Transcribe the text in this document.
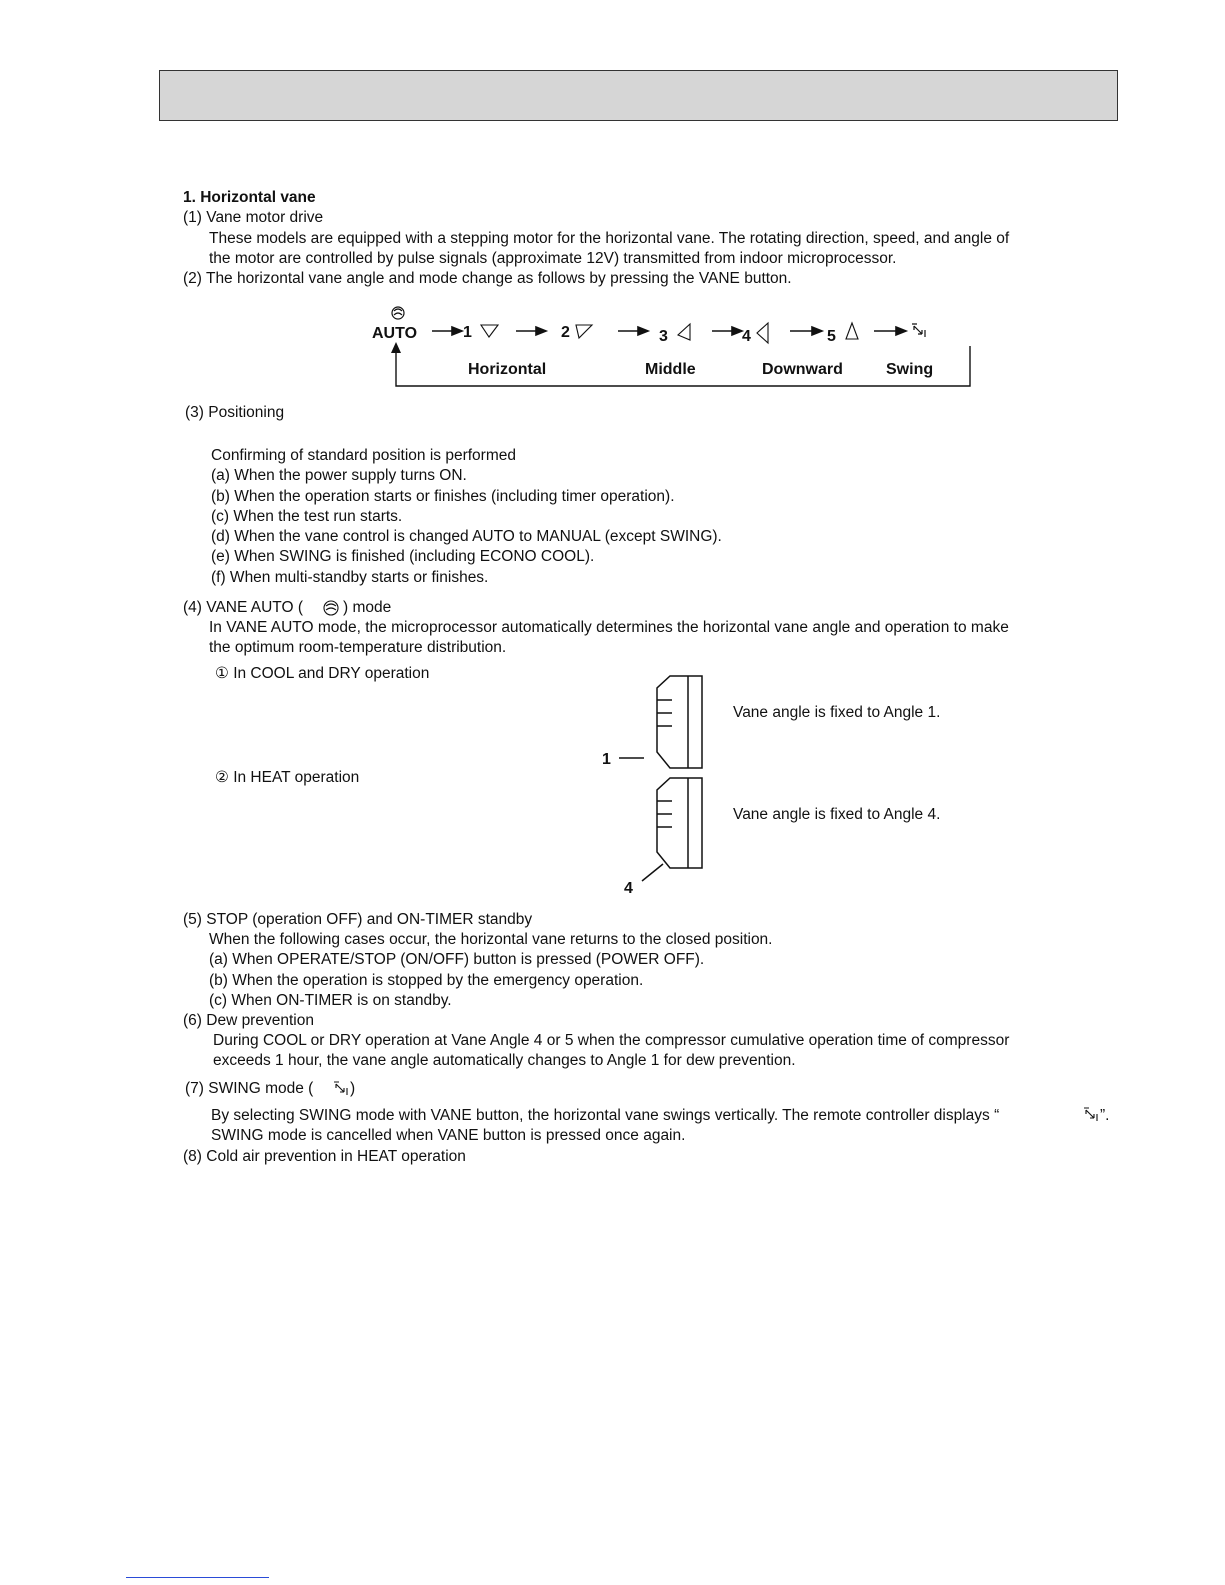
1. Horizontal vane
(1) Vane motor drive
These models are equipped with a stepping motor for the horizontal vane. The rotating direction, speed, and angle of
the motor are controlled by pulse signals (approximate 12V) transmitted from indoor microprocessor.
(2) The horizontal vane angle and mode change as follows by pressing the VANE button.
AUTO	1	2	3	4	5
Horizontal	Middle	Downward	Swing
1
4
(3) Positioning
Confirming of standard position is performed
(a) When the power supply turns ON.
(b) When the operation starts or finishes (including timer operation).
(c) When the test run starts.
(d) When the vane control is changed AUTO to MANUAL (except SWING).
(e) When SWING is finished (including ECONO COOL).
(f) When multi-standby starts or finishes.
(4) VANE AUTO (	) mode
In VANE AUTO mode, the microprocessor automatically determines the horizontal vane angle and operation to make
the optimum room-temperature distribution.
① In COOL and DRY operation
Vane angle is fixed to Angle 1.
② In HEAT operation
Vane angle is fixed to Angle 4.
(5) STOP (operation OFF) and ON-TIMER standby
When the following cases occur, the horizontal vane returns to the closed position.
(a) When OPERATE/STOP (ON/OFF) button is pressed (POWER OFF).
(b) When the operation is stopped by the emergency operation.
(c) When ON-TIMER is on standby.
(6) Dew prevention
During COOL or DRY operation at Vane Angle 4 or 5 when the compressor cumulative operation time of compressor
exceeds 1 hour, the vane angle automatically changes to Angle 1 for dew prevention.
(7) SWING mode ( )
By selecting SWING mode with VANE button, the horizontal vane swings vertically. The remote controller displays “	”.
SWING mode is cancelled when VANE button is pressed once again.
(8) Cold air prevention in HEAT operation
